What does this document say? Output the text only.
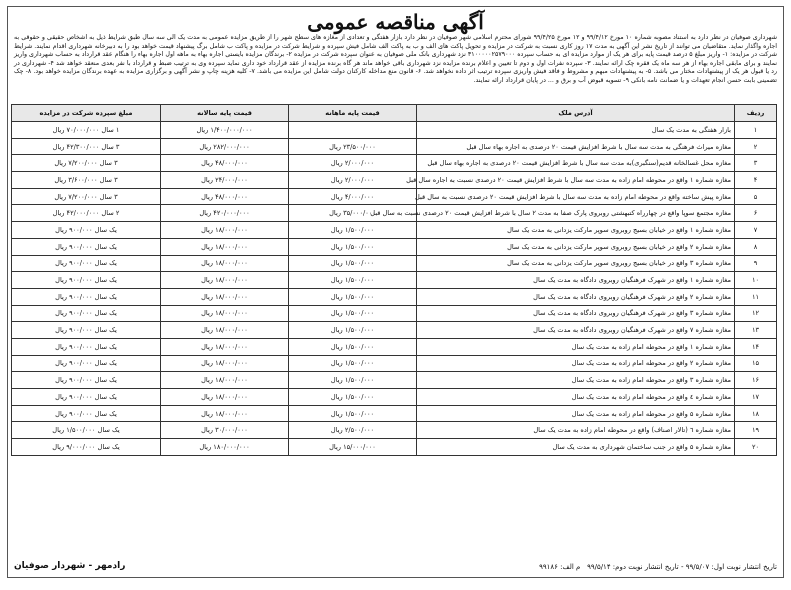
آگهی مناقصه عمومی
شهرداری صوفیان در نظر دارد به استناد مصوبه شماره ۱۰ مورخ ۹۹/۴/۱۲ و ۱۲ مورخ ۹۹/۴/۲۵ شورای محترم اسلامی شهر صوفیان در نظر دارد بازار هفتگی و تعدادی از مغازه های سطح شهر را از طریق مزایده عمومی به مدت یک الی سه سال طبق شرایط ذیل به اشخاص حقیقی و حقوقی به اجاره واگذار نماید. متقاضیان می توانند از تاریخ نشر این آگهی به مدت ۱۷ روز کاری نسبت به شرکت در مزایده و تحویل پاکت های الف و ب به پاکت الف شامل فیش سپرده و شرایط شرکت در مزایده و پاکت ب شامل برگ پیشنهاد قیمت خواهد بود را به دبیرخانه شهرداری اقدام نمایند. شرایط شرکت در مزایده: ۱- واریز مبلغ ۵ درصد قیمت پایه برای هر یک از موارد مزایده ای به حساب سپرده ۳۱۰۰۰۰۰۲۵۷۹۰۰۰ نزد شهرداری بانک ملی صوفیان به عنوان سپرده شرکت در مزایده ۲- برندگان مزایده بایستی اجاره بهاء به ماهه اول اجاره بهاء را هنگام عقد قرارداد به حساب شهرداری واریز نمایند و برای مابقی اجاره بهاء از هر سه ماه یک فقره چک ارائه نمایند. ۳- سپرده نفرات اول و دوم تا تعیین و اعلام برنده مزایده نزد شهرداری باقی خواهد ماند هر گاه برنده مزایده از عقد قرارداد خود داری نماید سپرده وی به ترتیب ضبط و قرارداد با نفر بعدی منعقد خواهد شد ۴- شهرداری در رد یا قبول هر یک از پیشنهادات مختار می باشد. ۵- به پیشنهادات مبهم و مشروط و فاقد فیش واریزی سپرده ترتیب اثر داده نخواهد شد. ۶- قانون منع مداخله کارکنان دولت شامل این مزایده می باشد. ۷- کلیه هزینه چاپ و نشر آگهی و برگزاری مزایده به عهده برندگان مزایده خواهد بود. ۸- چک تضمینی بابت حسن انجام تعهدات و یا ضمانت نامه بانکی ۹- تسویه قبوض آب و برق و ... در پایان قرارداد ارائه نمایند.
ردیف	آدرس ملک	قیمت پایه ماهانه	قیمت پایه سالانه	مبلغ سپرده شرکت در مزایده
۱	بازار هفتگی به مدت یک سال		۱/۴۰۰/۰۰۰/۰۰۰ ریال	۱ سال ۷۰/۰۰۰/۰۰۰ ریال
۲	مغازه میراث فرهنگی به مدت سه سال با شرط افزایش قیمت ۲۰ درصدی به اجاره بهاء سال قبل	۲۳/۵۰۰/۰۰۰ ریال	۲۸۲/۰۰۰/۰۰۰ ریال	۳ سال ۴۲/۳۰۰/۰۰۰ ریال
۳	مغازه محل غسالخانه قدیم(سنگبری)به مدت سه سال با شرط افزایش قیمت ۲۰ درصدی به اجاره بهاء سال قبل	۲/۰۰۰/۰۰۰ ریال	۴۸/۰۰۰/۰۰۰ ریال	۳ سال ۷/۲۰۰/۰۰۰ ریال
۴	مغازه شماره ۱ واقع در محوطه امام زاده به مدت سه سال با شرط افزایش قیمت ۲۰ درصدی نسبت به اجاره سال قبل	۲/۰۰۰/۰۰۰ ریال	۲۴/۰۰۰/۰۰۰ ریال	۳ سال ۳/۶۰۰/۰۰۰ ریال
۵	مغازه پیش ساخته واقع در محوطه امام زاده به مدت سه سال با شرط افزایش قیمت ۲۰ درصدی نسبت به سال قبل	۴/۰۰۰/۰۰۰ ریال	۴۸/۰۰۰/۰۰۰ ریال	۳ سال ۷/۲۰۰/۰۰۰ ریال
۶	مغازه مجتمع سوپا واقع در چهارراه کتبهشتی روبروی پارک صفا به مدت ۲ سال با شرط افزایش قیمت ۲۰ درصدی نسبت به سال قبل	۳۵/۰۰۰/۰۰۰ ریال	۴۲۰/۰۰۰/۰۰۰ ریال	۲ سال ۴۲/۰۰۰/۰۰۰ ریال
۷	مغازه شماره ۱ واقع در خیابان بسیج روبروی سوپر مارکت یزدانی به مدت یک سال	۱/۵۰۰/۰۰۰ ریال	۱۸/۰۰۰/۰۰۰ ریال	یک سال ۹۰۰/۰۰۰ ریال
۸	مغازه شماره ۲ واقع در خیابان بسیج روبروی سوپر مارکت یزدانی به مدت یک سال	۱/۵۰۰/۰۰۰ ریال	۱۸/۰۰۰/۰۰۰ ریال	یک سال ۹۰۰/۰۰۰ ریال
۹	مغازه شماره ۳ واقع در خیابان بسیج روبروی سوپر مارکت یزدانی به مدت یک سال	۱/۵۰۰/۰۰۰ ریال	۱۸/۰۰۰/۰۰۰ ریال	یک سال ۹۰۰/۰۰۰ ریال
۱۰	مغازه شماره ۱ واقع در شهرک فرهنگیان روبروی دادگاه به مدت یک سال	۱/۵۰۰/۰۰۰ ریال	۱۸/۰۰۰/۰۰۰ ریال	یک سال ۹۰۰/۰۰۰ ریال
۱۱	مغازه شماره ۲ واقع در شهرک فرهنگیان روبروی دادگاه به مدت یک سال	۱/۵۰۰/۰۰۰ ریال	۱۸/۰۰۰/۰۰۰ ریال	یک سال ۹۰۰/۰۰۰ ریال
۱۲	مغازه شماره ۳ واقع در شهرک فرهنگیان روبروی دادگاه به مدت یک سال	۱/۵۰۰/۰۰۰ ریال	۱۸/۰۰۰/۰۰۰ ریال	یک سال ۹۰۰/۰۰۰ ریال
۱۳	مغازه شماره ۷ واقع در شهرک فرهنگیان روبروی دادگاه به مدت یک سال	۱/۵۰۰/۰۰۰ ریال	۱۸/۰۰۰/۰۰۰ ریال	یک سال ۹۰۰/۰۰۰ ریال
۱۴	مغازه شماره ۱ واقع در محوطه امام زاده به مدت یک سال	۱/۵۰۰/۰۰۰ ریال	۱۸/۰۰۰/۰۰۰ ریال	یک سال ۹۰۰/۰۰۰ ریال
۱۵	مغازه شماره ۲ واقع در محوطه امام زاده به مدت یک سال	۱/۵۰۰/۰۰۰ ریال	۱۸/۰۰۰/۰۰۰ ریال	یک سال ۹۰۰/۰۰۰ ریال
۱۶	مغازه شماره ۳ واقع در محوطه امام زاده به مدت یک سال	۱/۵۰۰/۰۰۰ ریال	۱۸/۰۰۰/۰۰۰ ریال	یک سال ۹۰۰/۰۰۰ ریال
۱۷	مغازه شماره ٤ واقع در محوطه امام زاده به مدت یک سال	۱/۵۰۰/۰۰۰ ریال	۱۸/۰۰۰/۰۰۰ ریال	یک سال ۹۰۰/۰۰۰ ریال
۱۸	مغازه شماره ۵ واقع در محوطه امام زاده به مدت یک سال	۱/۵۰۰/۰۰۰ ریال	۱۸/۰۰۰/۰۰۰ ریال	یک سال ۹۰۰/۰۰۰ ریال
۱۹	مغازه شماره ٦ (تالار اصناف) واقع در محوطه امام زاده به مدت یک سال	۲/۵۰۰/۰۰۰ ریال	۳۰/۰۰۰/۰۰۰ ریال	یک سال ۱/۵۰۰/۰۰۰ ریال
۲۰	مغازه شماره ۵ واقع در جنب ساختمان شهرداری به مدت یک سال	۱۵/۰۰۰/۰۰۰ ریال	۱۸۰/۰۰۰/۰۰۰ ریال	یک سال ۹/۰۰۰/۰۰۰ ریال
تاریخ انتشار نوبت اول: ۹۹/۵/۰۷ - تاریخ انتشار نوبت دوم: ۹۹/۵/۱۴   م الف: ۹۹۱۸۶
رادمهر - شهردار صوفیان
